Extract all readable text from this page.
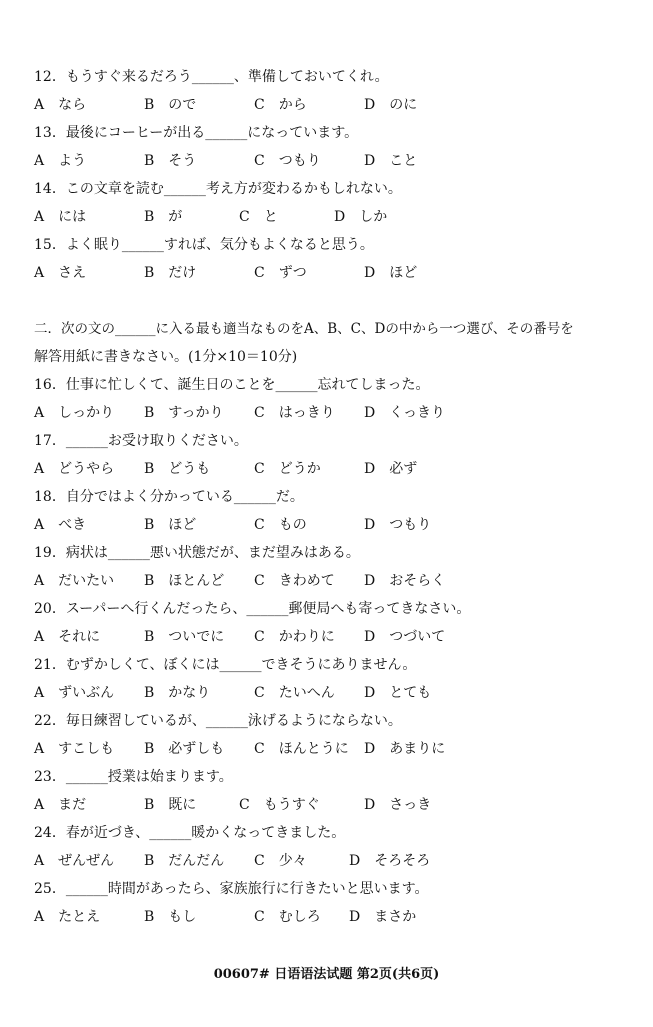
12．もうすぐ来るだろう______、準備しておいてくれ。
A　なら	B　ので	C　から	D　のに
13．最後にコーヒーが出る______になっています。
A　よう	B　そう	C　つもり	D　こと
14．この文章を読む______考え方が変わるかもしれない。
A　には	B　が	C　と	D　しか
15．よく眠り______すれば、気分もよくなると思う。
A　さえ	B　だけ	C　ずつ	D　ほど
二．次の文の______に入る最も適当なものをA、B、C、Dの中から一つ選び、その番号を
解答用紙に書きなさい。(1分×10＝10分)
16．仕事に忙しくて、誕生日のことを______忘れてしまった。
A　しっかり B　すっかり C　はっきり D　くっきり
17．______お受け取りください。
A　どうやら B　どうも	C　どうか	D　必ず
18．自分ではよく分かっている______だ。
A　べき	B　ほど	C　もの	D　つもり
19．病状は______悪い状態だが、まだ望みはある。
A　だいたい B　ほとんど C　きわめて D　おそらく
20．スーパーへ行くんだったら、______郵便局へも寄ってきなさい。
A　それに	B　ついでに C　かわりに D　つづいて
21．むずかしくて、ぼくには______できそうにありません。
A　ずいぶん B　かなり	C　たいへん D　とても
22．毎日練習しているが、______泳げるようにならない。
A　すこしも B　必ずしも C　ほんとうに D　あまりに
23．______授業は始まります。
A　まだ	B　既に	C　もうすぐ	D　さっき
24．春が近づき、______暖かくなってきました。
A　ぜんぜん B　だんだん C　少々	D　そろそろ
25．______時間があったら、家族旅行に行きたいと思います。
A　たとえ	B　もし	C　むしろ D　まさか
00607# 日语语法试题 第2页(共6页)
